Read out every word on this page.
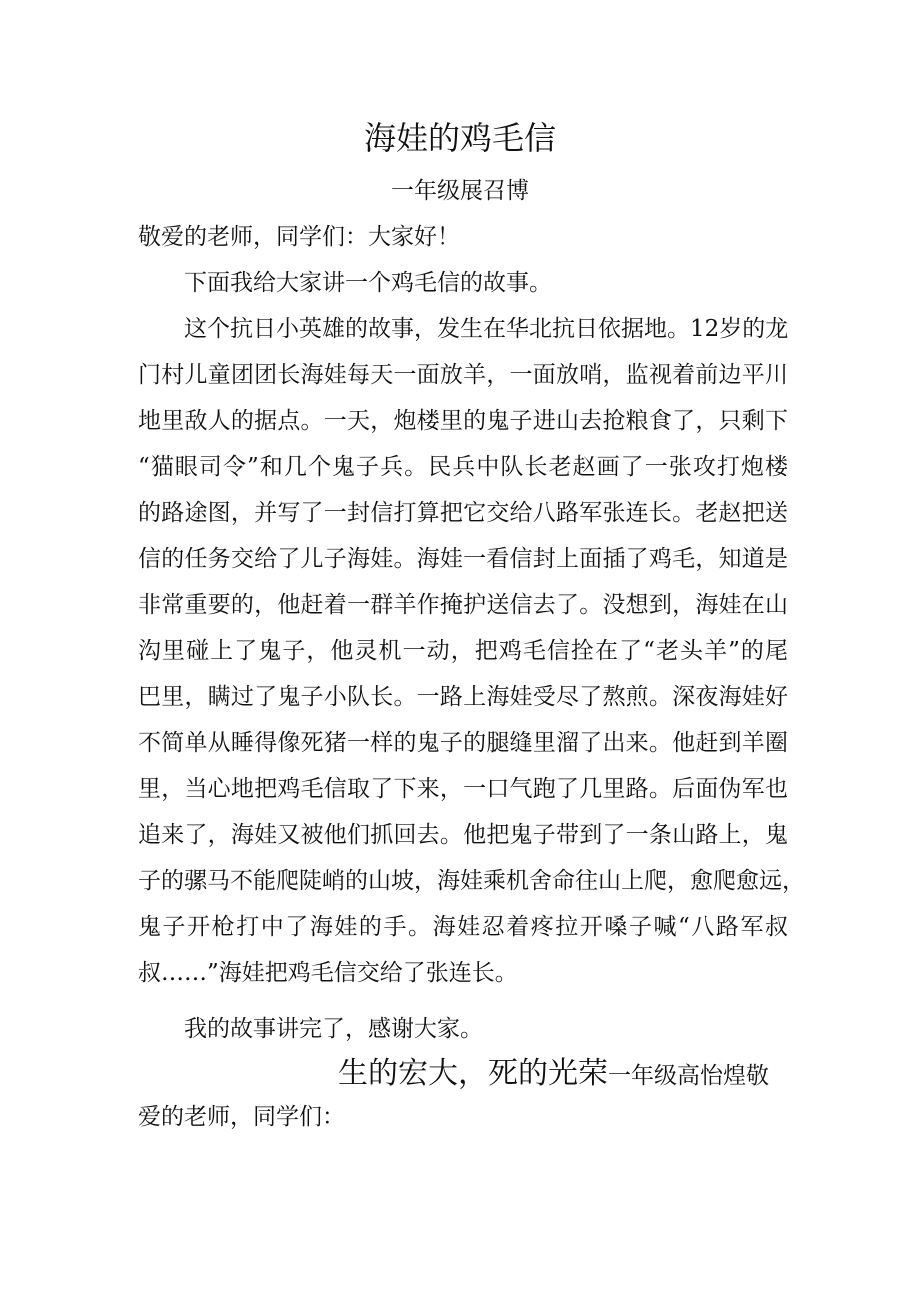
海娃的鸡毛信
一年级展召博
敬爱的老师，同学们：大家好！
下面我给大家讲一个鸡毛信的故事。
这个抗日小英雄的故事，发生在华北抗日依据地。12岁的龙
门村儿童团团长海娃每天一面放羊，一面放哨，监视着前边平川
地里敌人的据点。一天，炮楼里的鬼子进山去抢粮食了，只剩下
“猫眼司令”和几个鬼子兵。民兵中队长老赵画了一张攻打炮楼
的路途图，并写了一封信打算把它交给八路军张连长。老赵把送
信的任务交给了儿子海娃。海娃一看信封上面插了鸡毛，知道是
非常重要的，他赶着一群羊作掩护送信去了。没想到，海娃在山
沟里碰上了鬼子，他灵机一动，把鸡毛信拴在了“老头羊”的尾
巴里，瞒过了鬼子小队长。一路上海娃受尽了熬煎。深夜海娃好
不简单从睡得像死猪一样的鬼子的腿缝里溜了出来。他赶到羊圈
里，当心地把鸡毛信取了下来，一口气跑了几里路。后面伪军也
追来了，海娃又被他们抓回去。他把鬼子带到了一条山路上，鬼
子的骡马不能爬陡峭的山坡，海娃乘机舍命往山上爬，愈爬愈远，
鬼子开枪打中了海娃的手。海娃忍着疼拉开嗓子喊“八路军叔
叔……”海娃把鸡毛信交给了张连长。
我的故事讲完了，感谢大家。
生的宏大，死的光荣一年级高怡煌敬
爱的老师，同学们：
